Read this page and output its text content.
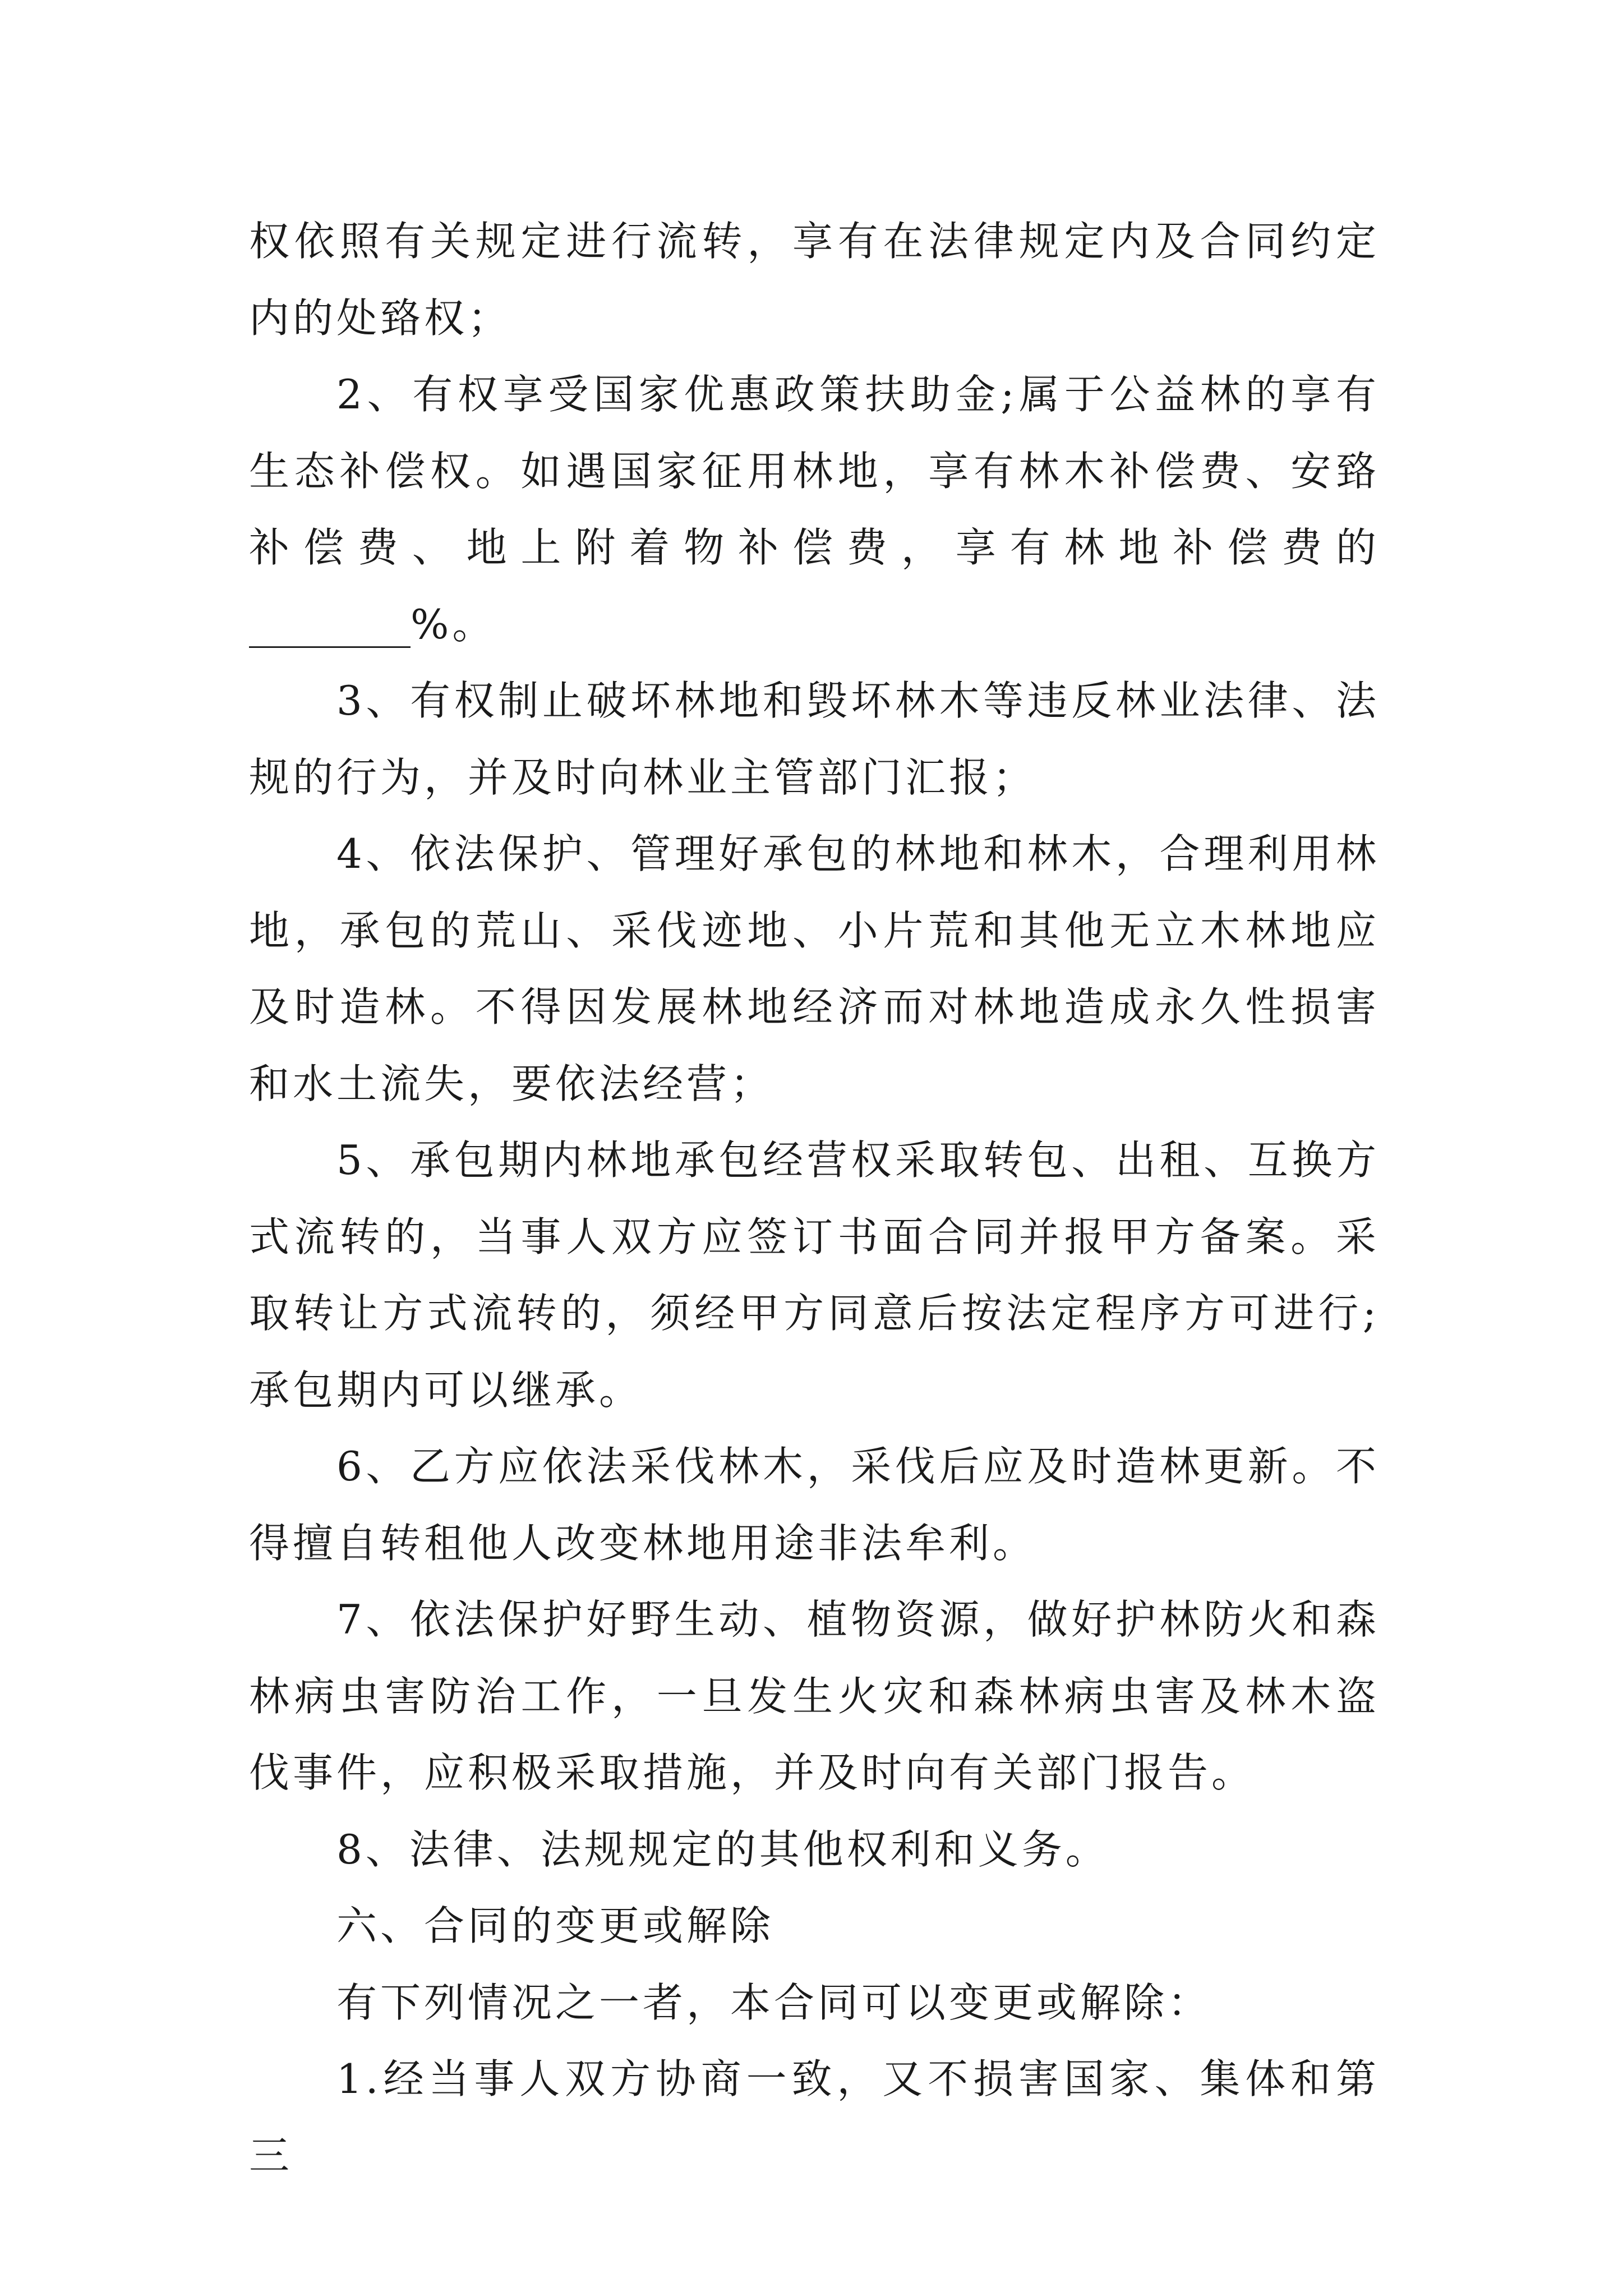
权依照有关规定进行流转，享有在法律规定内及合同约定内的处臵权；

2、有权享受国家优惠政策扶助金;属于公益林的享有生态补偿权。如遇国家征用林地，享有林木补偿费、安臵补偿费、地上附着物补偿费，享有林地补偿费的________%。

3、有权制止破坏林地和毁坏林木等违反林业法律、法规的行为，并及时向林业主管部门汇报；

4、依法保护、管理好承包的林地和林木，合理利用林地，承包的荒山、采伐迹地、小片荒和其他无立木林地应及时造林。不得因发展林地经济而对林地造成永久性损害和水土流失，要依法经营；

5、承包期内林地承包经营权采取转包、出租、互换方式流转的，当事人双方应签订书面合同并报甲方备案。采取转让方式流转的，须经甲方同意后按法定程序方可进行;承包期内可以继承。

6、乙方应依法采伐林木，采伐后应及时造林更新。不得擅自转租他人改变林地用途非法牟利。

7、依法保护好野生动、植物资源，做好护林防火和森林病虫害防治工作，一旦发生火灾和森林病虫害及林木盗伐事件，应积极采取措施，并及时向有关部门报告。

8、法律、法规规定的其他权利和义务。

六、合同的变更或解除

有下列情况之一者，本合同可以变更或解除：

1.经当事人双方协商一致，又不损害国家、集体和第三
